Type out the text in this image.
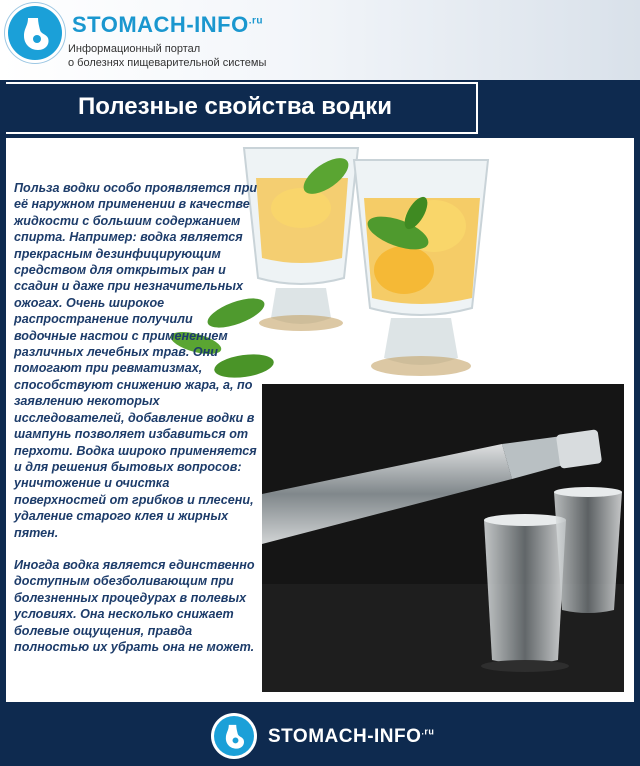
STOMACH-$INFO^{.ru}$
Информационный портал
о болезнях пищеварительной системы
Полезные свойства водки

Польза водки особо проявляется при её наружном применении в качестве жидкости с большим содержанием спирта. Например: водка является прекрасным дезинфицирующим средством для открытых ран и ссадин и даже при незначительных ожогах. Очень широкое распространение получили водочные настои с применением различных лечебных трав. Они помогают при ревматизмах, способствуют снижению жара, а, по заявлению некоторых исследователей, добавление водки в шампунь позволяет избавиться от перхоти. Водка широко применяется и для решения бытовых вопросов: уничтожение и очистка поверхностей от грибков и плесени, удаление старого клея и жирных пятен.

Иногда водка является единственно доступным обезболивающим при болезненных процедурах в полевых условиях. Она несколько снижает болевые ощущения, правда полностью их убрать она не может.

STOMACH-$INFO^{.ru}$
